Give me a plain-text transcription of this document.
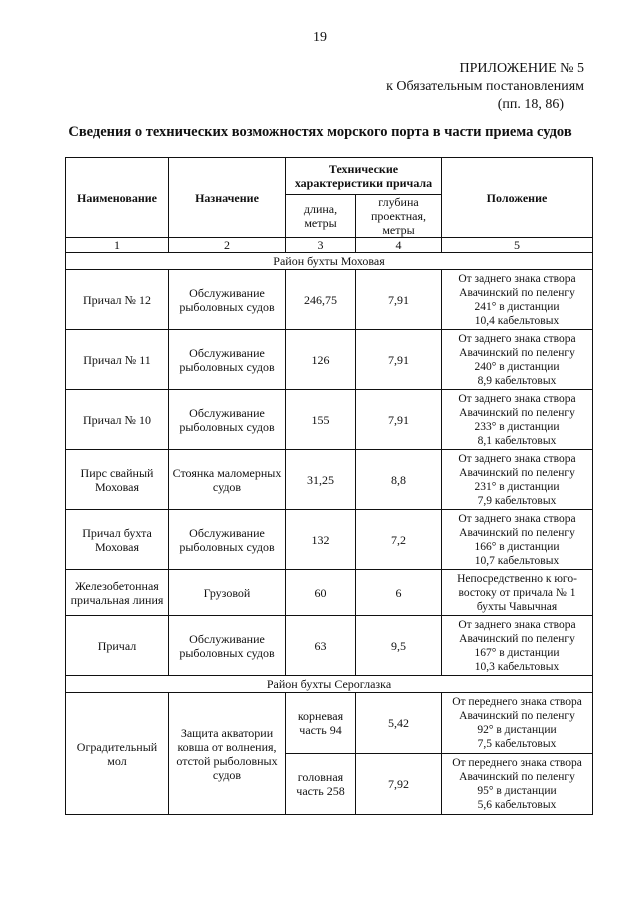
19
ПРИЛОЖЕНИЕ № 5
к Обязательным постановлениям
(пп. 18, 86)
Сведения о технических возможностях морского порта в части приема судов
Наименование	Назначение	Технические характеристики причала		Положение
		длина, метры	глубина проектная, метры	
1	2	3	4	5
Район бухты Моховая				
Причал № 12	Обслуживание рыболовных судов	246,75	7,91	От заднего знака створа
Авачинский по пеленгу
241° в дистанции
10,4 кабельтовых

Причал № 11	Обслуживание рыболовных судов	126	7,91	От заднего знака створа
Авачинский по пеленгу
240° в дистанции
8,9 кабельтовых

Причал № 10	Обслуживание рыболовных судов	155	7,91	От заднего знака створа
Авачинский по пеленгу
233° в дистанции
8,1 кабельтовых

Пирс свайный Моховая	Стоянка маломерных судов	31,25	8,8	От заднего знака створа
Авачинский по пеленгу
231° в дистанции
7,9 кабельтовых

Причал бухта Моховая	Обслуживание рыболовных судов	132	7,2	От заднего знака створа
Авачинский по пеленгу
166° в дистанции
10,7 кабельтовых

Железобетонная причальная линия	Грузовой	60	6	Непосредственно к юго-
востоку от причала № 1
бухты Чавычная

Причал	Обслуживание рыболовных судов	63	9,5	От заднего знака створа
Авачинский по пеленгу
167° в дистанции
10,3 кабельтовых

Район бухты Сероглазка				
Оградительный мол	Защита акватории ковша от волнения, отстой рыболовных судов	корневая часть 94	5,42	От переднего знака створа
Авачинский по пеленгу
92° в дистанции
7,5 кабельтовых

		головная часть 258	7,92	От переднего знака створа
Авачинский по пеленгу
95° в дистанции
5,6 кабельтовых
